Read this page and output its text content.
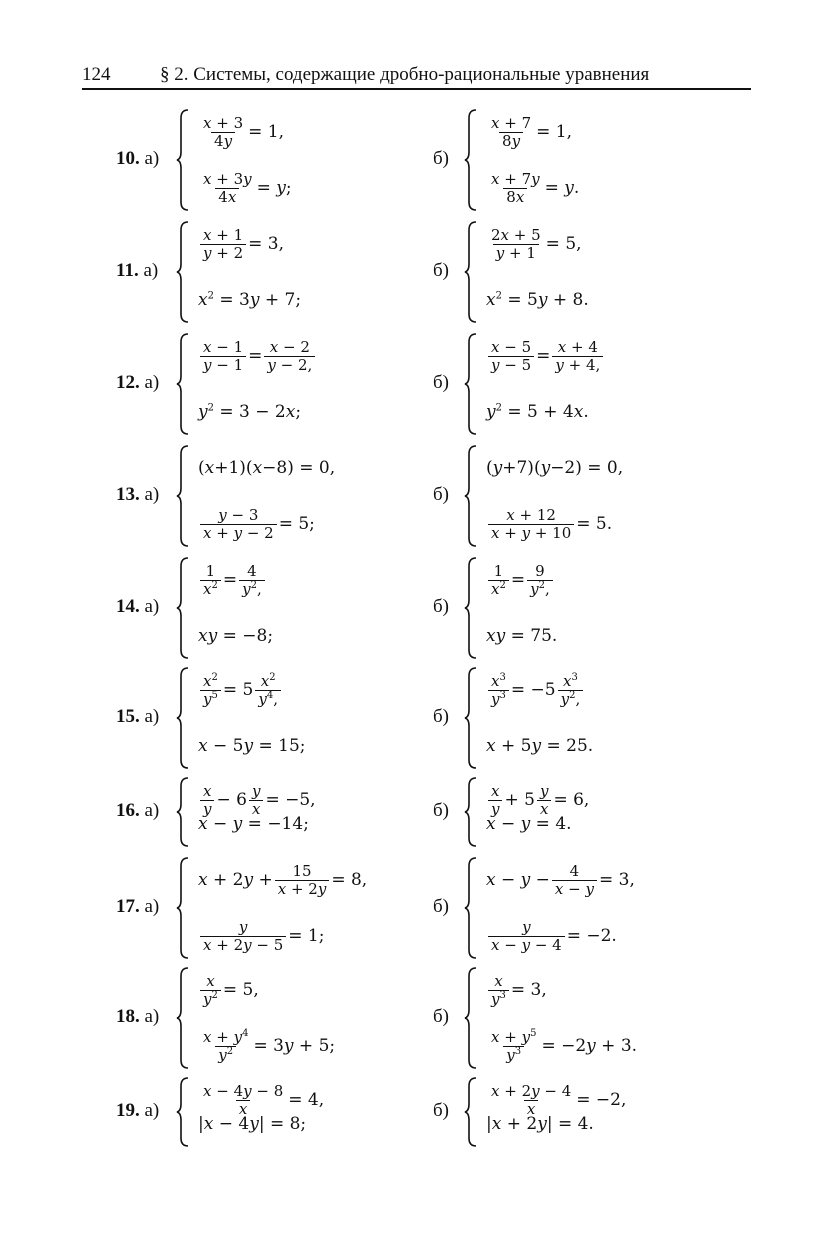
124	§ 2. Системы, содержащие дробно-рациональные уравнения
10. а)	б)
$\frac{x + 3}{4y} = 1$,
$\frac{x + 3y}{4x} = y$;
$\frac{x + 7}{8y} = 1$,
$\frac{x + 7y}{8x} = y$.
11. а)	б)
$\frac{x + 1}{y + 2} = 3$,
$x^2 = 3y + 7$;
$\frac{2x + 5}{y + 1} = 5$,
$x^2 = 5y + 8$.
12. а)	б)
$\frac{x - 1}{y - 1} = \frac{x - 2}{y - 2,}$
$y^2 = 3 - 2x$;
$\frac{x - 5}{y - 5} = \frac{x + 4}{y + 4,}$
$y^2 = 5 + 4x$.
13. а)	б)
(x+1)(x−8) = 0,
$\frac{y - 3}{x + y - 2} = 5$;
(y+7)(y−2) = 0,
$\frac{x + 12}{x + y + 10} = 5$.
14. а)	б)
$\frac{1}{x^2} = \frac{4}{y^2,}$
xy = −8;
$\frac{1}{x^2} = \frac{9}{y^2,}$
xy = 75.
15. а)	б)
$\frac{x^2}{y^5} = 5 \frac{x^2}{y^4,}$
x − 5y = 15;
$\frac{x^3}{y^3} = -5 \frac{x^3}{y^2,}$
x + 5y = 25.
16. а)	б)
$\frac{x}{y} - 6 \frac{y}{x} = -5$,
x − y = −14;
$\frac{x}{y} + 5 \frac{y}{x} = 6$,
x − y = 4.
17. а)	б)
$x + 2y + \frac{15}{x + 2y} = 8$,
$\frac{y}{x + 2y - 5} = 1$;
$x - y - \frac{4}{x - y} = 3$,
$\frac{y}{x - y - 4} = -2$.
18. а)	б)
$\frac{x}{y^2} = 5$,
$\frac{x + y^4}{y^2} = 3y + 5$;
$\frac{x}{y^3} = 3$,
$\frac{x + y^5}{y^3} = -2y + 3$.
19. а)	б)
$\frac{x - 4y - 8}{x} = 4$,
|x − 4y| = 8;
$\frac{x + 2y - 4}{x} = -2$,
|x + 2y| = 4.
